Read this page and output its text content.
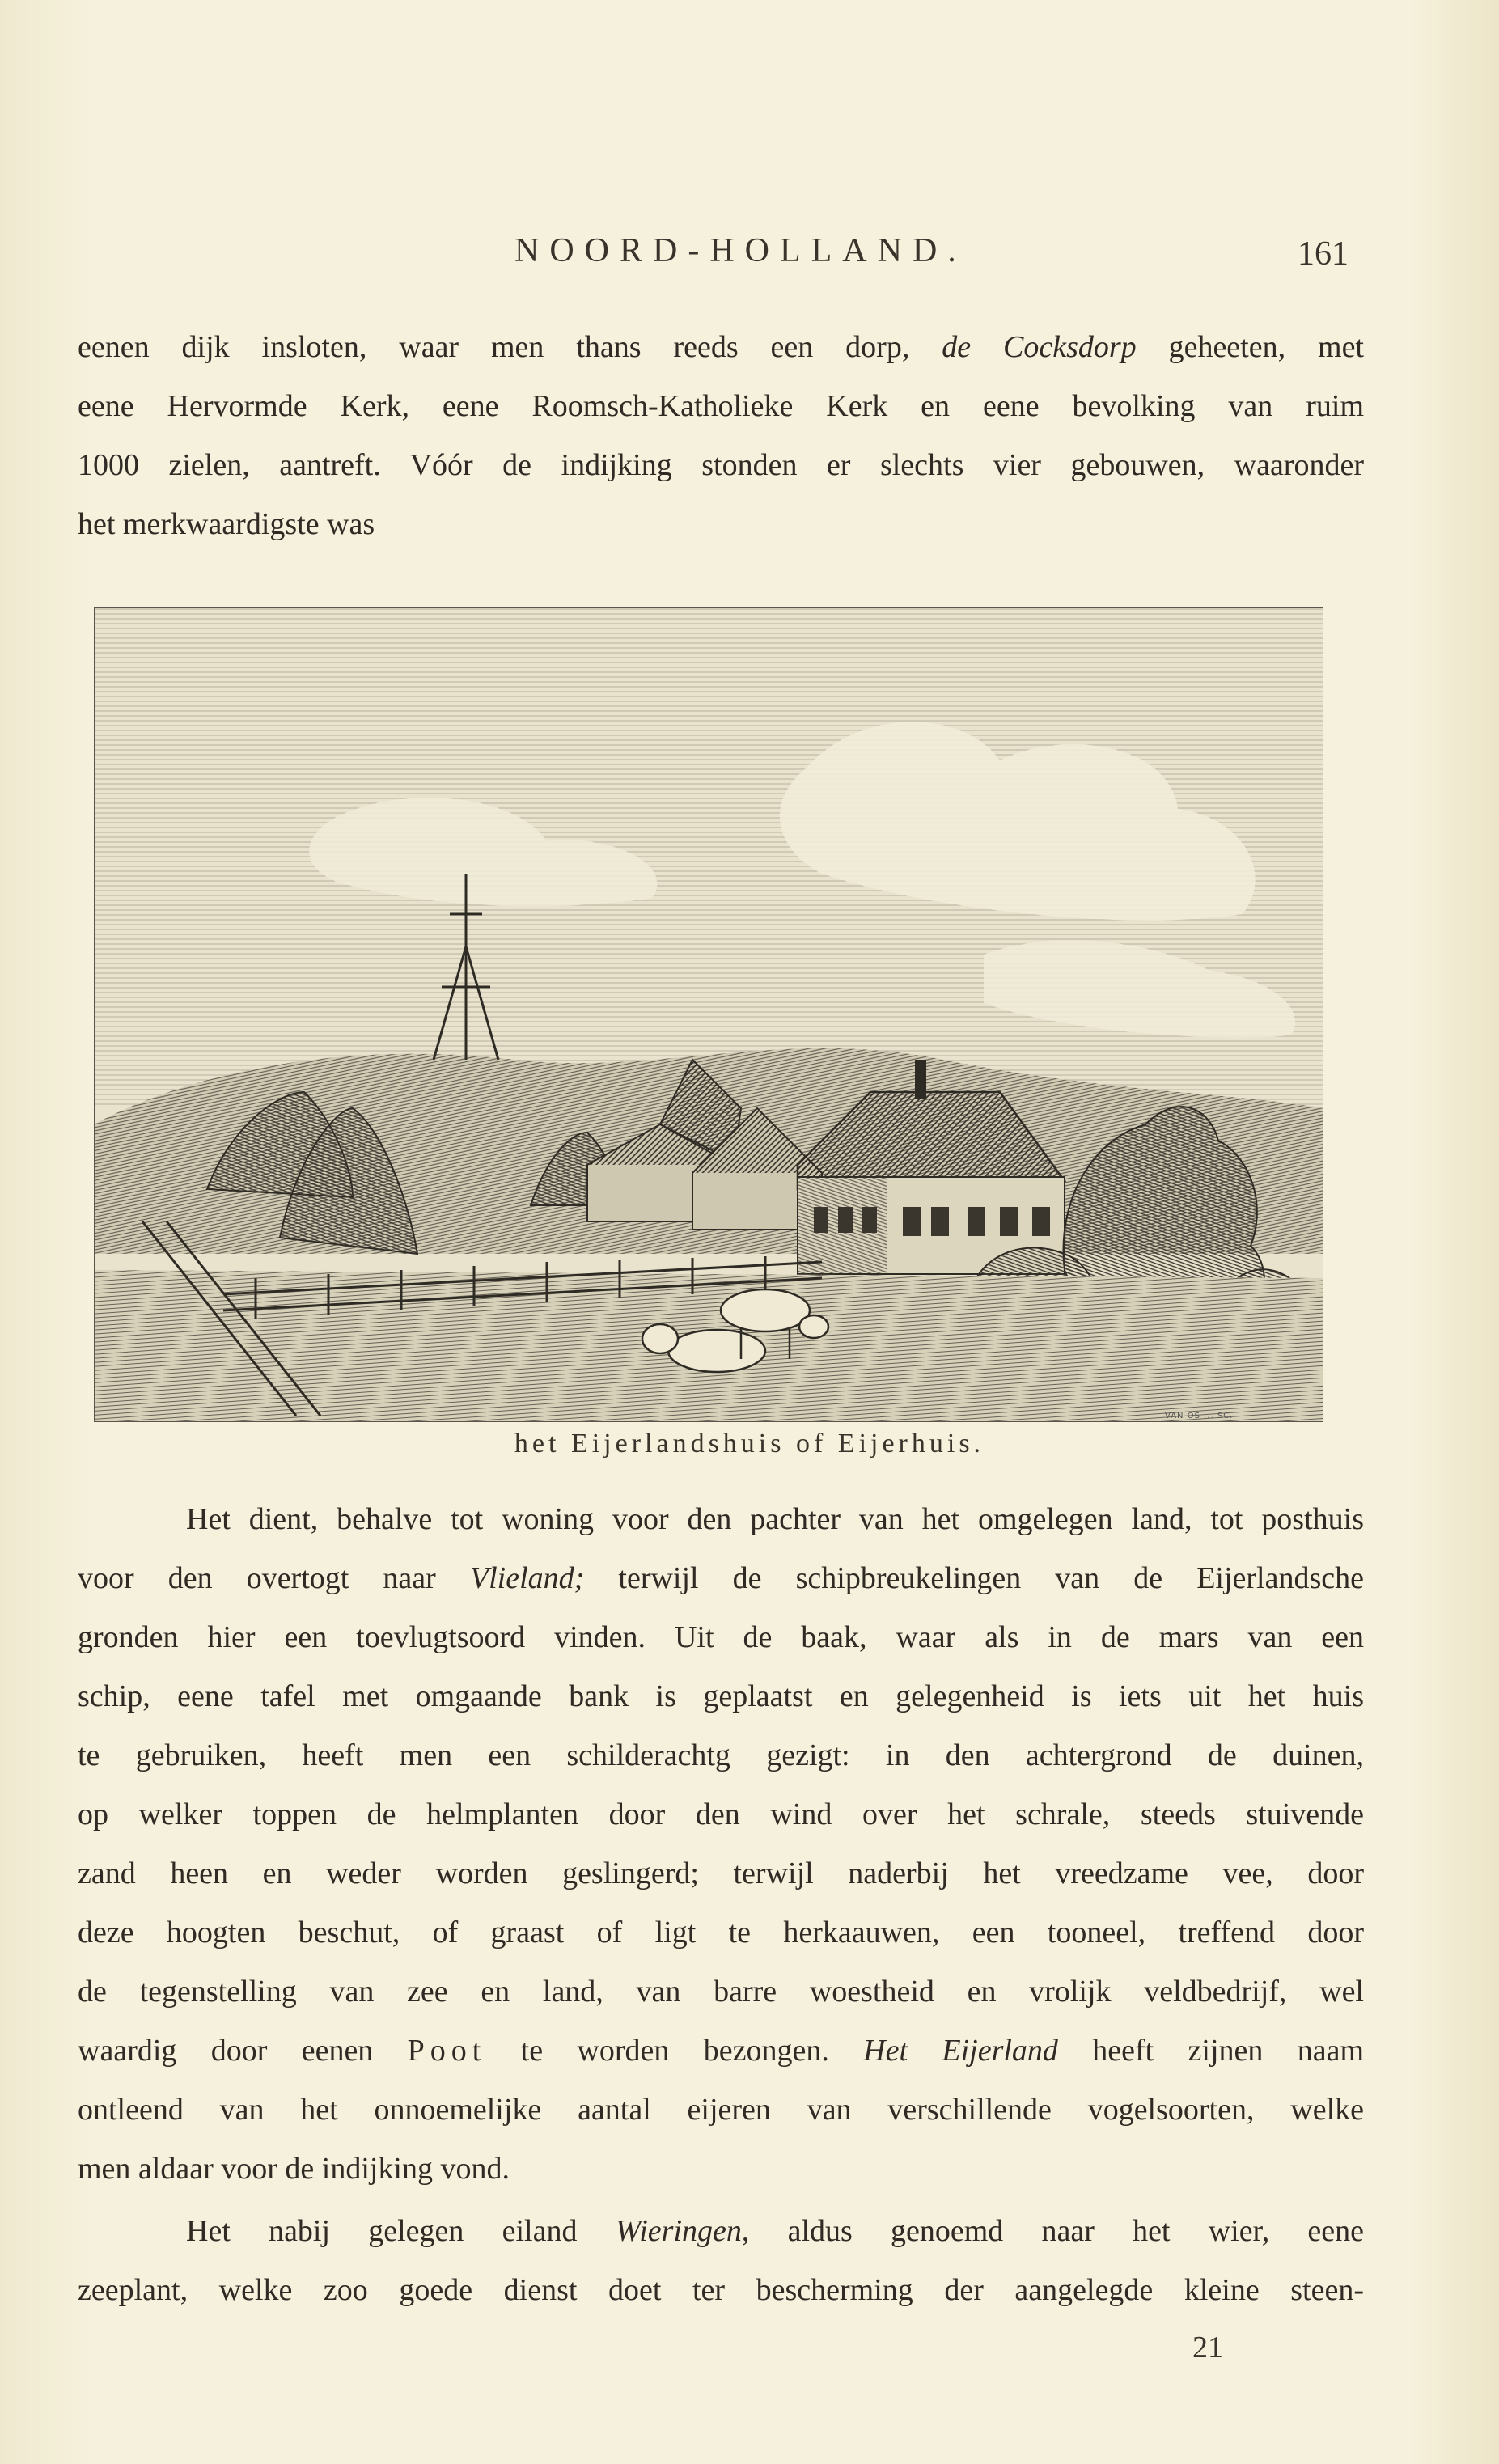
NOORD-HOLLAND.	161
eenen dijk insloten, waar men thans reeds een dorp, de Cocksdorp geheeten, met
eene Hervormde Kerk, eene Roomsch-Katholieke Kerk en eene bevolking van ruim
1000 zielen, aantreft. Vóór de indijking stonden er slechts vier gebouwen, waaronder
het merkwaardigste was
VAN OS ... SC.
het Eijerlandshuis of Eijerhuis.
Het dient, behalve tot woning voor den pachter van het omgelegen land, tot posthuis
voor den overtogt naar Vlieland; terwijl de schipbreukelingen van de Eijerlandsche
gronden hier een toevlugtsoord vinden. Uit de baak, waar als in de mars van een
schip, eene tafel met omgaande bank is geplaatst en gelegenheid is iets uit het huis
te gebruiken, heeft men een schilderachtg gezigt: in den achtergrond de duinen,
op welker toppen de helmplanten door den wind over het schrale, steeds stuivende
zand heen en weder worden geslingerd; terwijl naderbij het vreedzame vee, door
deze hoogten beschut, of graast of ligt te herkaauwen, een tooneel, treffend door
de tegenstelling van zee en land, van barre woestheid en vrolijk veldbedrijf, wel
waardig door eenen Poot te worden bezongen. Het Eijerland heeft zijnen naam
ontleend van het onnoemelijke aantal eijeren van verschillende vogelsoorten, welke
men aldaar voor de indijking vond.
Het nabij gelegen eiland Wieringen, aldus genoemd naar het wier, eene
zeeplant, welke zoo goede dienst doet ter bescherming der aangelegde kleine steen-
21
